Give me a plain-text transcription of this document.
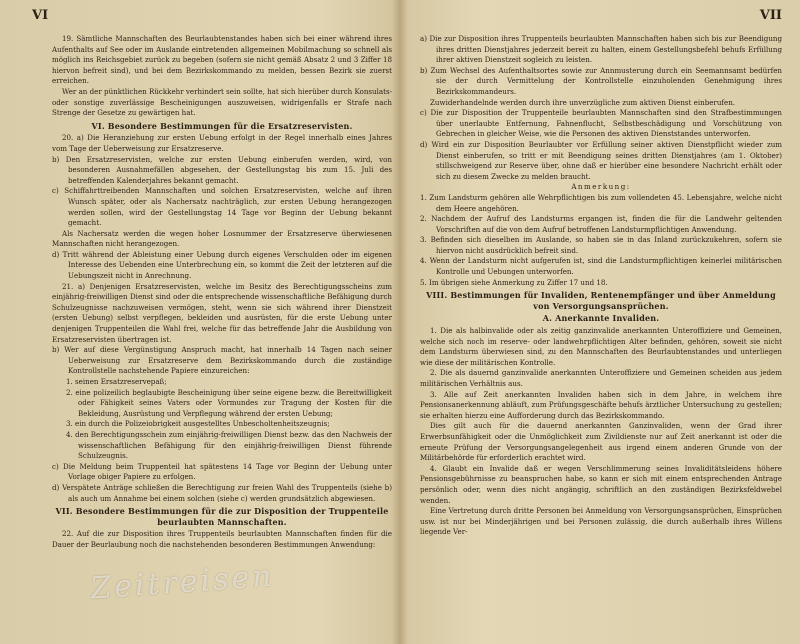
VI

19. Sämtliche Mannschaften des Beurlaubtenstandes haben sich bei einer während ihres Aufenthalts auf See oder im Auslande eintretenden allgemeinen Mobilmachung so schnell als möglich ins Reichsgebiet zurück zu begeben (sofern sie nicht gemäß Absatz 2 und 3 Ziffer 18 hiervon befreit sind), und bei dem Bezirkskommando zu melden, bessen Bezirk sie zuerst erreichen.

Wer an der pünktlichen Rückkehr verhindert sein sollte, hat sich hierüber durch Konsulats- oder sonstige zuverlässige Bescheinigungen auszuweisen, widrigenfalls er Strafe nach Strenge der Gesetze zu gewärtigen hat.

VI. Besondere Bestimmungen für die Ersatzreservisten.

20. a) Die Heranziehung zur ersten Uebung erfolgt in der Regel innerhalb eines Jahres vom Tage der Ueberweisung zur Ersatzreserve.

b) Den Ersatzreservisten, welche zur ersten Uebung einberufen werden, wird, von besonderen Ausnahmefällen abgesehen, der Gestellungstag bis zum 15. Juli des betreffenden Kalenderjahres bekannt gemacht.

c) Schiffahrttreibenden Mannschaften und solchen Ersatzreservisten, welche auf ihren Wunsch später, oder als Nachersatz nachträglich, zur ersten Uebung herangezogen werden sollen, wird der Gestellungstag 14 Tage vor Beginn der Uebung bekannt gemacht.

Als Nachersatz werden die wegen hoher Losnummer der Ersatzreserve überwiesenen Mannschaften nicht herangezogen.

d) Tritt während der Ableistung einer Uebung durch eigenes Verschulden oder im eigenen Interesse des Uebenden eine Unterbrechung ein, so kommt die Zeit der letzteren auf die Uebungszeit nicht in Anrechnung.

21. a) Denjenigen Ersatzreservisten, welche im Besitz des Berechtigungsscheins zum einjährig-freiwilligen Dienst sind oder die entsprechende wissenschaftliche Befähigung durch Schulzeugnisse nachzuweisen vermögen, steht, wenn sie sich während ihrer Dienstzeit (ersten Uebung) selbst verpflegen, bekleiden und ausrüsten, für die erste Uebung unter denjenigen Truppenteilen die Wahl frei, welche für das betreffende Jahr die Ausbildung von Ersatzreservisten übertragen ist.

b) Wer auf diese Vergünstigung Anspruch macht, hat innerhalb 14 Tagen nach seiner Ueberweisung zur Ersatzreserve dem Bezirkskommando durch die zuständige Kontrollstelle nachstehende Papiere einzureichen:

1. seinen Ersatzreservepaß;

2. eine polizeilich beglaubigte Bescheinigung über seine eigene bezw. die Bereitwilligkeit oder Fähigkeit seines Vaters oder Vormundes zur Tragung der Kosten für die Bekleidung, Ausrüstung und Verpflegung während der ersten Uebung;

3. ein durch die Polizeiobrigkeit ausgestelltes Unbescholtenheitszeugnis;

4. den Berechtigungsschein zum einjährig-freiwilligen Dienst bezw. das den Nachweis der wissenschaftlichen Befähigung für den einjährig-freiwilligen Dienst führende Schulzeugnis.

c) Die Meldung beim Truppenteil hat spätestens 14 Tage vor Beginn der Uebung unter Vorlage obiger Papiere zu erfolgen.

d) Verspätete Anträge schließen die Berechtigung zur freien Wahl des Truppenteils (siehe b) als auch um Annahme bei einem solchen (siehe c) werden grundsätzlich abgewiesen.

VII. Besondere Bestimmungen für die zur Disposition der Truppenteile beurlaubten Mannschaften.

22. Auf die zur Disposition ihres Truppenteils beurlaubten Mannschaften finden für die Dauer der Beurlaubung noch die nachstehenden besonderen Bestimmungen Anwendung:

VII

a) Die zur Disposition ihres Truppenteils beurlaubten Mannschaften haben sich bis zur Beendigung ihres dritten Dienstjahres jederzeit bereit zu halten, einem Gestellungsbefehl behufs Erfüllung ihrer aktiven Dienstzeit sogleich zu leisten.

b) Zum Wechsel des Aufenthaltsortes sowie zur Annmusterung durch ein Seemannsamt bedürfen sie der durch Vermittelung der Kontrollstelle einzuholenden Genehmigung ihres Bezirkskommandeurs.

Zuwiderhandelnde werden durch ihre unverzügliche zum aktiven Dienst einberufen.

c) Die zur Disposition der Truppenteile beurlaubten Mannschaften sind den Strafbestimmungen über unerlaubte Entfernung, Fahnenflucht, Selbstbeschädigung und Vorschützung von Gebrechen in gleicher Weise, wie die Personen des aktiven Dienststandes unterworfen.

d) Wird ein zur Disposition Beurlaubter vor Erfüllung seiner aktiven Dienstpflicht wieder zum Dienst einberufen, so tritt er mit Beendigung seines dritten Dienstjahres (am 1. Oktober) stillschweigend zur Reserve über, ohne daß er hierüber eine besondere Nachricht erhält oder sich zu diesem Zwecke zu melden braucht.

Anmerkung:

1. Zum Landsturm gehören alle Wehrpflichtigen bis zum vollendeten 45. Lebensjahre, welche nicht dem Heere angehören.

2. Nachdem der Aufruf des Landsturms ergangen ist, finden die für die Landwehr geltenden Vorschriften auf die von dem Aufruf betroffenen Landsturmpflichtigen Anwendung.

3. Befinden sich dieselben im Auslande, so haben sie in das Inland zurückzukehren, sofern sie hiervon nicht ausdrücklich befreit sind.

4. Wenn der Landsturm nicht aufgerufen ist, sind die Landsturmpflichtigen keinerlei militärischen Kontrolle und Uebungen unterworfen.

5. Im übrigen siehe Anmerkung zu Ziffer 17 und 18.

VIII. Bestimmungen für Invaliden, Rentenempfänger und über Anmeldung von Versorgungsansprüchen.

A. Anerkannte Invaliden.

1. Die als halbinvalide oder als zeitig ganzinvalide anerkannten Unteroffiziere und Gemeinen, welche sich noch im reserve- oder landwehrpflichtigen Alter befinden, gehören, soweit sie nicht dem Landsturm überwiesen sind, zu den Mannschaften des Beurlaubtenstandes und unterliegen wie diese der militärischen Kontrolle.

2. Die als dauernd ganzinvalide anerkannten Unteroffiziere und Gemeinen scheiden aus jedem militärischen Verhältnis aus.

3. Alle auf Zeit anerkannten Invaliden haben sich in dem Jahre, in welchem ihre Pensionsanerkennung abläuft, zum Prüfungsgeschäfte behufs ärztlicher Untersuchung zu gestellen; sie erhalten hierzu eine Aufforderung durch das Bezirkskommando.

Dies gilt auch für die dauernd anerkannten Ganzinvaliden, wenn der Grad ihrer Erwerbsunfähigkeit oder die Unmöglichkeit zum Zivildienste nur auf Zeit anerkannt ist oder die erneute Prüfung der Versorgungsangelegenheit aus irgend einem anderen Grunde von der Militärbehörde für erforderlich erachtet wird.

4. Glaubt ein Invalide daß er wegen Verschlimmerung seines Invaliditätsleidens höhere Pensionsgebührnisse zu beanspruchen habe, so kann er sich mit einem entsprechenden Antrage persönlich oder, wenn dies nicht angängig, schriftlich an den zuständigen Bezirksfeldwebel wenden.

Eine Vertretung durch dritte Personen bei Anmeldung von Versorgungsansprüchen, Einsprüchen usw. ist nur bei Minderjährigen und bei Personen zulässig, die durch außerhalb ihres Willens liegende Ver-

Zeitreisen
